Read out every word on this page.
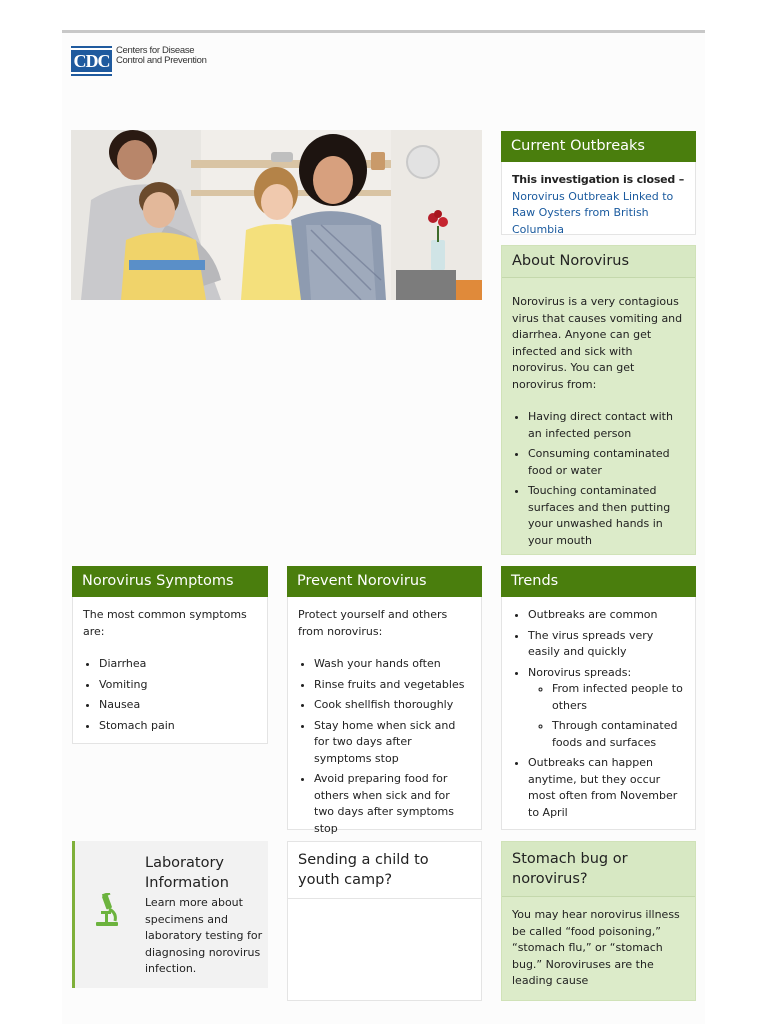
CDC Centers for Disease
Control and Prevention
Current Outbreaks
This investigation is closed –
Norovirus Outbreak Linked to Raw Oysters from British Columbia
About Norovirus

Norovirus is a very contagious virus that causes vomiting and diarrhea. Anyone can get infected and sick with norovirus. You can get norovirus from:

• Having direct contact with an infected person
• Consuming contaminated food or water
• Touching contaminated surfaces and then putting your unwashed hands in your mouth
Norovirus Symptoms

The most common symptoms are:

• Diarrhea
• Vomiting
• Nausea
• Stomach pain
Prevent Norovirus

Protect yourself and others from norovirus:

• Wash your hands often
• Rinse fruits and vegetables
• Cook shellfish thoroughly
• Stay home when sick and for two days after symptoms stop
• Avoid preparing food for others when sick and for two days after symptoms stop
Trends
• Outbreaks are common
• The virus spreads very easily and quickly
• Norovirus spreads:
◦ From infected people to others
◦ Through contaminated foods and surfaces
• Outbreaks can happen anytime, but they occur most often from November to April
Laboratory Information
Learn more about specimens and laboratory testing for diagnosing norovirus infection.
Sending a child to youth camp?
Stomach bug or norovirus?

You may hear norovirus illness be called “food poisoning,” “stomach flu,” or “stomach bug.” Noroviruses are the leading cause
